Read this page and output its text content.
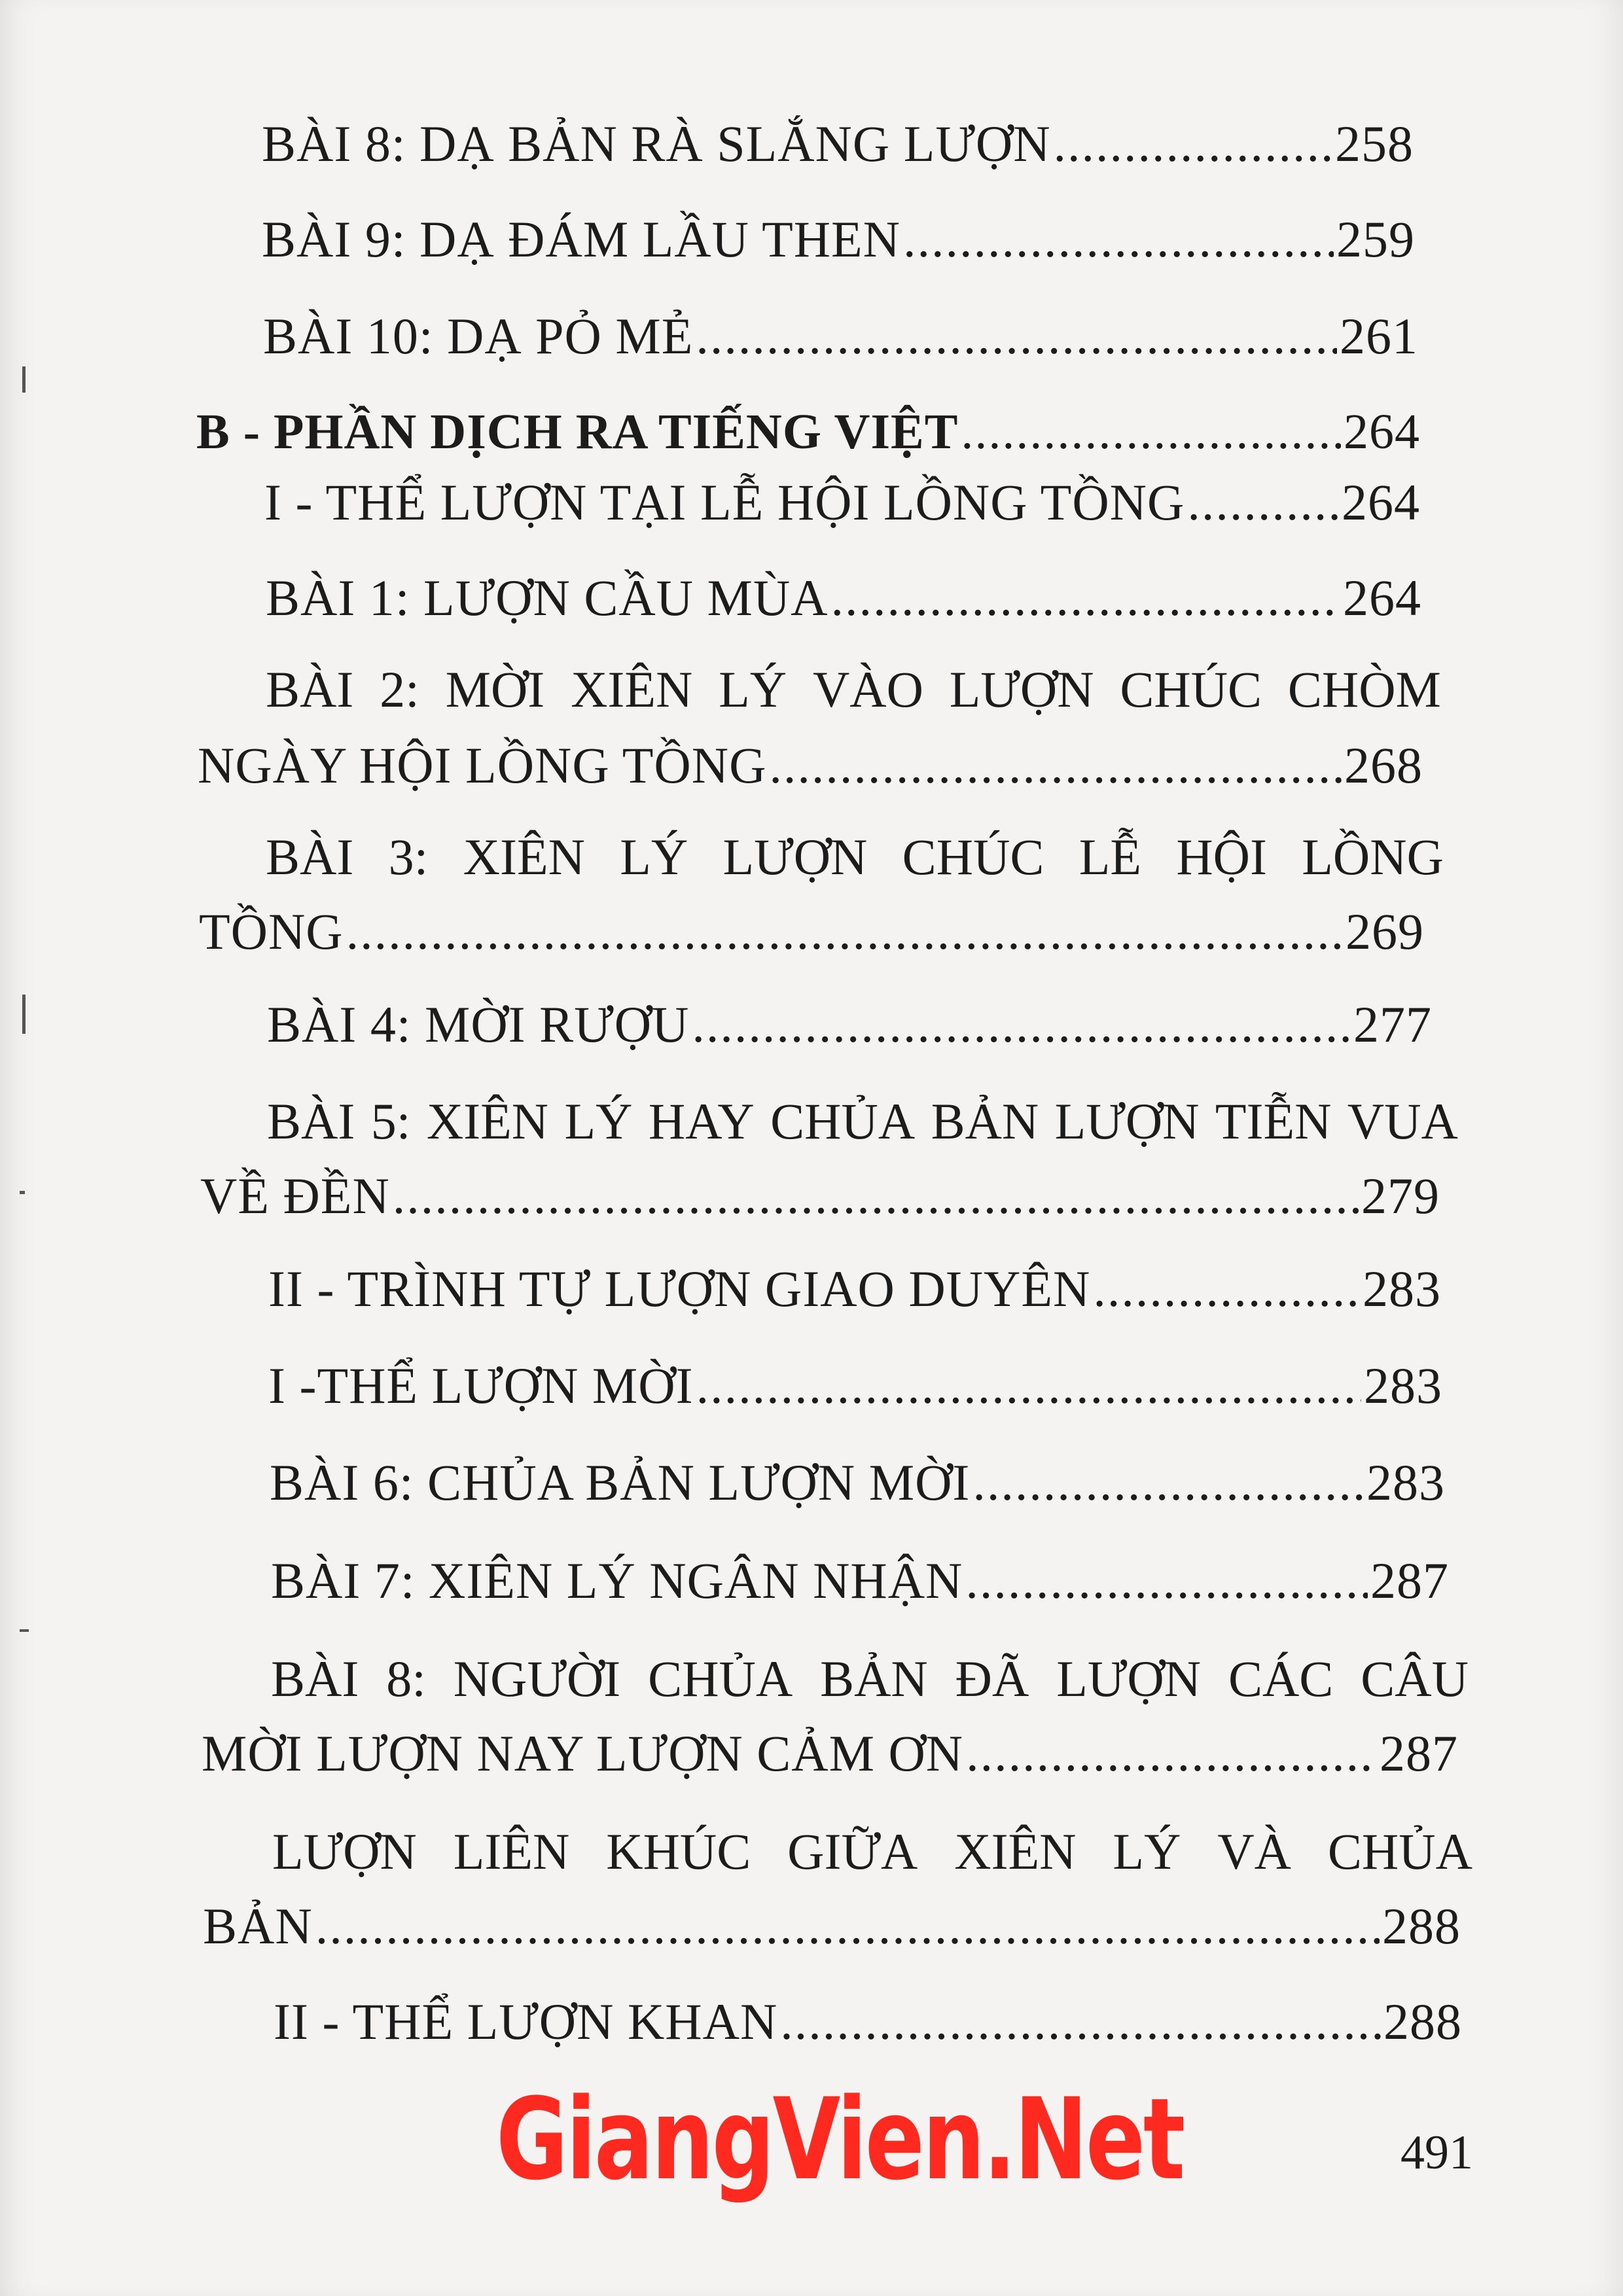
BÀI 8: DẠ BẢN RÀ SLẮNG LƯỢN .....	258
BÀI 9: DẠ ĐÁM LẦU THEN .....	259
BÀI 10: DẠ PỎ MẺ .....	261
B - PHẦN DỊCH RA TIẾNG VIỆT .....	264
I - THỂ LƯỢN TẠI LỄ HỘI LỒNG TỒNG .....	264
BÀI 1: LƯỢN CẦU MÙA .....	264
BÀI 2: MỜI XIÊN LÝ VÀO LƯỢN CHÚC CHÒM
NGÀY HỘI LỒNG TỒNG .....	268
BÀI 3: XIÊN LÝ LƯỢN CHÚC LỄ HỘI LỒNG
TỒNG .....	269
BÀI 4: MỜI RƯỢU .....	277
BÀI 5: XIÊN LÝ HAY CHỦA BẢN LƯỢN TIỄN VUA
VỀ ĐỀN .....	279
II - TRÌNH TỰ LƯỢN GIAO DUYÊN .....	283
I -THỂ LƯỢN MỜI .....	283
BÀI 6: CHỦA BẢN LƯỢN MỜI .....	283
BÀI 7: XIÊN LÝ NGÂN NHẬN .....	287
BÀI 8: NGƯỜI CHỦA BẢN ĐÃ LƯỢN CÁC CÂU
MỜI LƯỢN NAY LƯỢN CẢM ƠN .....	287
LƯỢN LIÊN KHÚC GIỮA XIÊN LÝ VÀ CHỦA
BẢN .....	288
II - THỂ LƯỢN KHAN .....	288
GiangVien.Net	491
